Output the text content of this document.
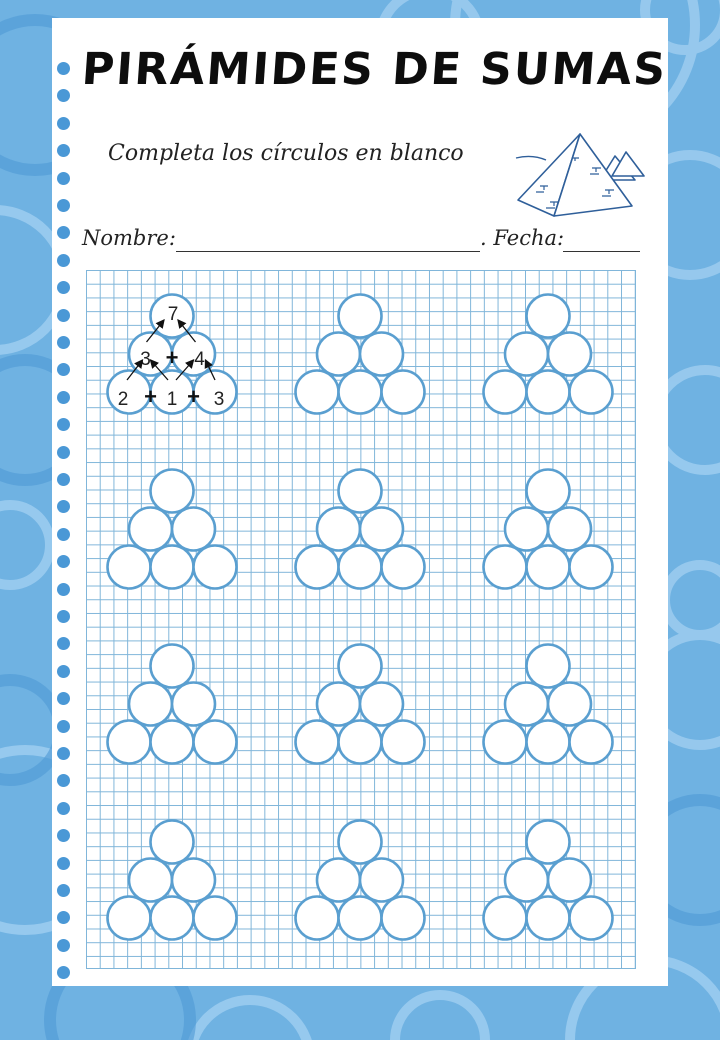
PIRÁMIDES DE SUMAS
Completa los círculos en blanco
Nombre:	. Fecha:
7
3 4
2 1 3
+
+ +
